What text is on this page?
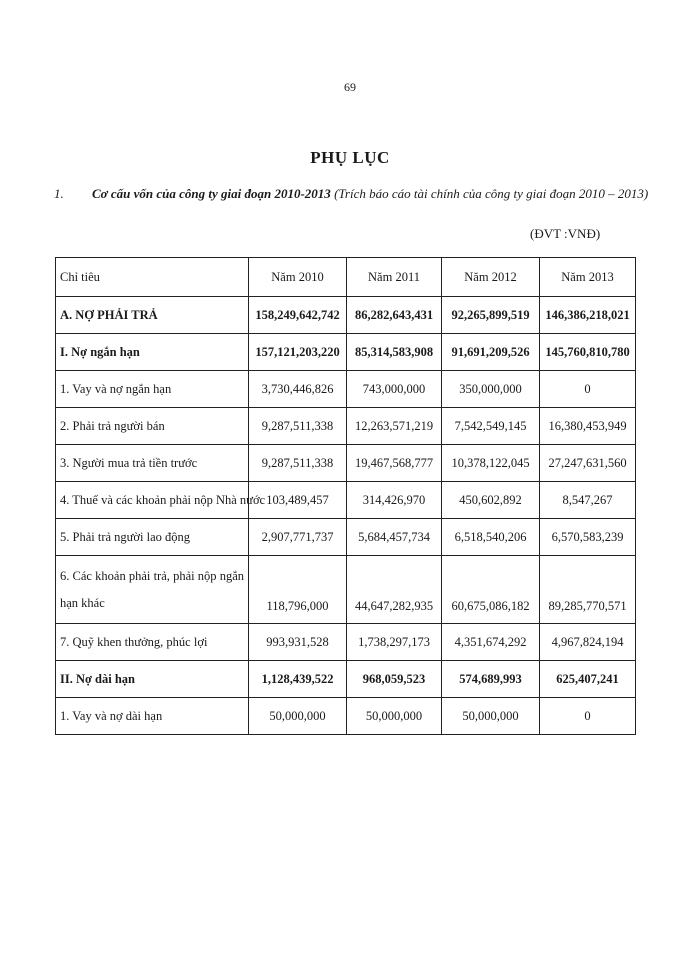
69
PHỤ LỤC
1. Cơ cấu vốn của công ty giai đoạn 2010-2013 (Trích báo cáo tài chính của công ty giai đoạn 2010 – 2013)
(ĐVT :VNĐ)
Chỉ tiêu	Năm 2010	Năm 2011	Năm 2012	Năm 2013
A. NỢ PHẢI TRẢ	158,249,642,742	86,282,643,431	92,265,899,519	146,386,218,021
I. Nợ ngắn hạn	157,121,203,220	85,314,583,908	91,691,209,526	145,760,810,780
1. Vay và nợ ngắn hạn	3,730,446,826	743,000,000	350,000,000	0
2. Phải trả người bán	9,287,511,338	12,263,571,219	7,542,549,145	16,380,453,949
3. Người mua trả tiền trước	9,287,511,338	19,467,568,777	10,378,122,045	27,247,631,560
4. Thuế và các khoản phải nộp Nhà nước	103,489,457	314,426,970	450,602,892	8,547,267
5. Phải trả người lao động	2,907,771,737	5,684,457,734	6,518,540,206	6,570,583,239
6. Các khoản phải trả, phải nộp ngắn hạn khác	118,796,000	44,647,282,935	60,675,086,182	89,285,770,571
7. Quỹ khen thưởng, phúc lợi	993,931,528	1,738,297,173	4,351,674,292	4,967,824,194
II. Nợ dài hạn	1,128,439,522	968,059,523	574,689,993	625,407,241
1. Vay và nợ dài hạn	50,000,000	50,000,000	50,000,000	0
